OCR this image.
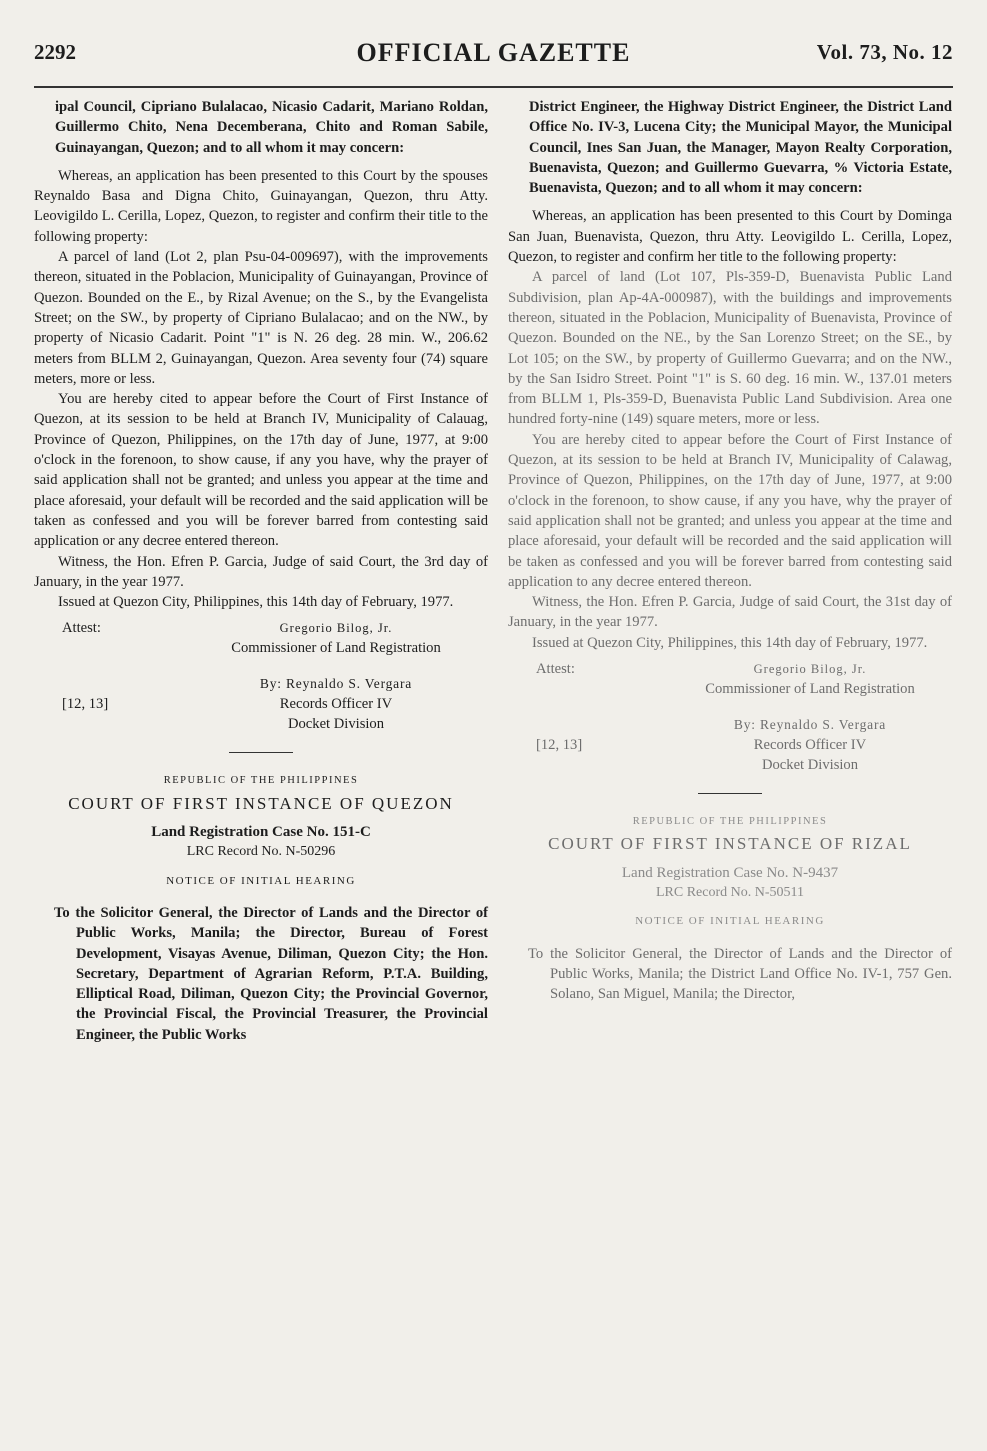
2292	OFFICIAL GAZETTE	Vol. 73, No. 12

ipal Council, Cipriano Bulalacao, Nicasio Cadarit, Mariano Roldan, Guillermo Chito, Nena Decemberana, Chito and Roman Sabile, Guinayangan, Quezon; and to all whom it may concern:

Whereas, an application has been presented to this Court by the spouses Reynaldo Basa and Digna Chito, Guinayangan, Quezon, thru Atty. Leovigildo L. Cerilla, Lopez, Quezon, to register and confirm their title to the following property:

A parcel of land (Lot 2, plan Psu-04-009697), with the improvements thereon, situated in the Poblacion, Municipality of Guinayangan, Province of Quezon. Bounded on the E., by Rizal Avenue; on the S., by the Evangelista Street; on the SW., by property of Cipriano Bulalacao; and on the NW., by property of Nicasio Cadarit. Point "1" is N. 26 deg. 28 min. W., 206.62 meters from BLLM 2, Guinayangan, Quezon. Area seventy four (74) square meters, more or less.

You are hereby cited to appear before the Court of First Instance of Quezon, at its session to be held at Branch IV, Municipality of Calauag, Province of Quezon, Philippines, on the 17th day of June, 1977, at 9:00 o'clock in the forenoon, to show cause, if any you have, why the prayer of said application shall not be granted; and unless you appear at the time and place aforesaid, your default will be recorded and the said application will be taken as confessed and you will be forever barred from contesting said application or any decree entered thereon.

Witness, the Hon. Efren P. Garcia, Judge of said Court, the 3rd day of January, in the year 1977.

Issued at Quezon City, Philippines, this 14th day of February, 1977.

Attest:	Gregorio Bilog, Jr.
Commissioner of Land Registration
[12, 13]
By: Reynaldo S. Vergara
Records Officer IV
Docket Division

REPUBLIC OF THE PHILIPPINES

COURT OF FIRST INSTANCE OF QUEZON

Land Registration Case No. 151-C

LRC Record No. N-50296

NOTICE OF INITIAL HEARING

To the Solicitor General, the Director of Lands and the Director of Public Works, Manila; the Director, Bureau of Forest Development, Visayas Avenue, Diliman, Quezon City; the Hon. Secretary, Department of Agrarian Reform, P.T.A. Building, Elliptical Road, Diliman, Quezon City; the Provincial Governor, the Provincial Fiscal, the Provincial Treasurer, the Provincial Engineer, the Public Works

District Engineer, the Highway District Engineer, the District Land Office No. IV-3, Lucena City; the Municipal Mayor, the Municipal Council, Ines San Juan, the Manager, Mayon Realty Corporation, Buenavista, Quezon; and Guillermo Guevarra, % Victoria Estate, Buenavista, Quezon; and to all whom it may concern:

Whereas, an application has been presented to this Court by Dominga San Juan, Buenavista, Quezon, thru Atty. Leovigildo L. Cerilla, Lopez, Quezon, to register and confirm her title to the following property:

A parcel of land (Lot 107, Pls-359-D, Buenavista Public Land Subdivision, plan Ap-4A-000987), with the buildings and improvements thereon, situated in the Poblacion, Municipality of Buenavista, Province of Quezon. Bounded on the NE., by the San Lorenzo Street; on the SE., by Lot 105; on the SW., by property of Guillermo Guevarra; and on the NW., by the San Isidro Street. Point "1" is S. 60 deg. 16 min. W., 137.01 meters from BLLM 1, Pls-359-D, Buenavista Public Land Subdivision. Area one hundred forty-nine (149) square meters, more or less.

You are hereby cited to appear before the Court of First Instance of Quezon, at its session to be held at Branch IV, Municipality of Calawag, Province of Quezon, Philippines, on the 17th day of June, 1977, at 9:00 o'clock in the forenoon, to show cause, if any you have, why the prayer of said application shall not be granted; and unless you appear at the time and place aforesaid, your default will be recorded and the said application will be taken as confessed and you will be forever barred from contesting said application to any decree entered thereon.

Witness, the Hon. Efren P. Garcia, Judge of said Court, the 31st day of January, in the year 1977.

Issued at Quezon City, Philippines, this 14th day of February, 1977.

Attest:	Gregorio Bilog, Jr.
Commissioner of Land Registration
[12, 13]
By: Reynaldo S. Vergara
Records Officer IV
Docket Division

REPUBLIC OF THE PHILIPPINES

COURT OF FIRST INSTANCE OF RIZAL

Land Registration Case No. N-9437

LRC Record No. N-50511

NOTICE OF INITIAL HEARING

To the Solicitor General, the Director of Lands and the Director of Public Works, Manila; the District Land Office No. IV-1, 757 Gen. Solano, San Miguel, Manila; the Director,
